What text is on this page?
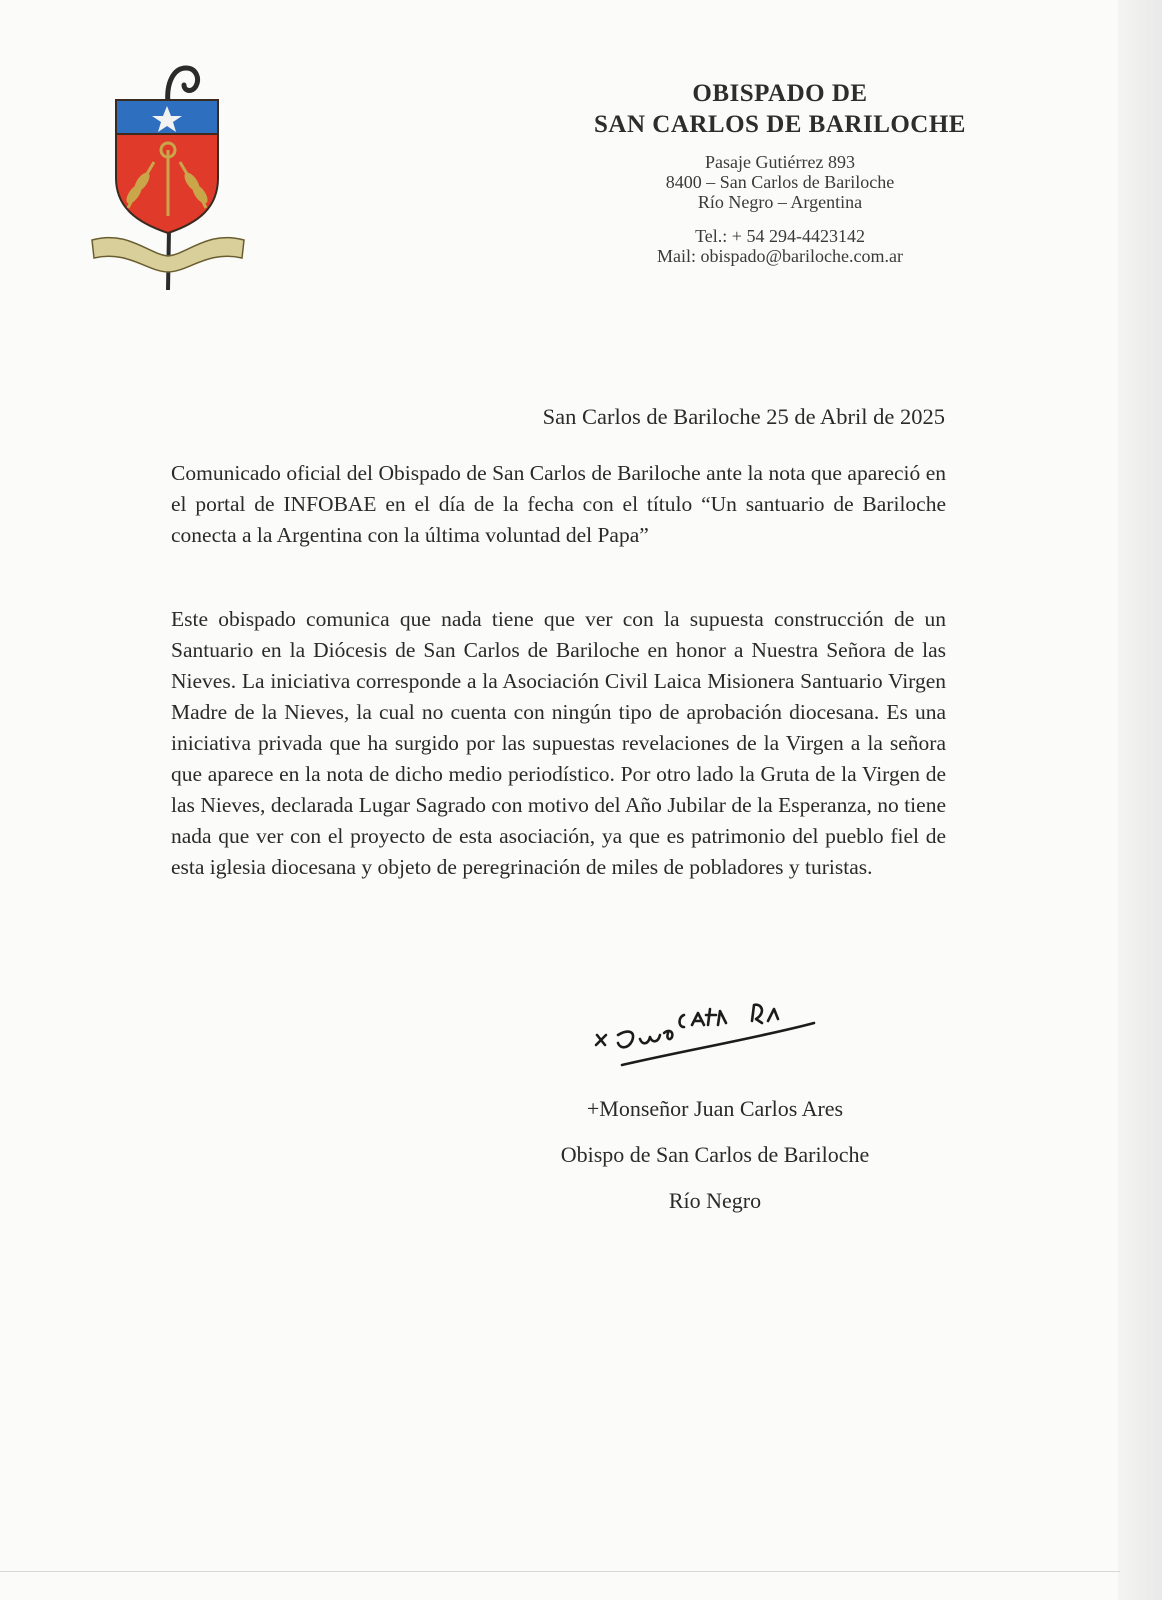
OBISPADO DE
SAN CARLOS DE BARILOCHE
Pasaje Gutiérrez 893
8400 – San Carlos de Bariloche
Río Negro – Argentina
Tel.: + 54 294-4423142
Mail: obispado@bariloche.com.ar
San Carlos de Bariloche 25 de Abril de 2025
Comunicado oficial del Obispado de San Carlos de Bariloche ante la nota que apareció en el portal de INFOBAE en el día de la fecha con el título “Un santuario de Bariloche conecta a la Argentina con la última voluntad del Papa”
Este obispado comunica que nada tiene que ver con la supuesta construcción de un Santuario en la Diócesis de San Carlos de Bariloche en honor a Nuestra Señora de las Nieves. La iniciativa corresponde a la Asociación Civil Laica Misionera Santuario Virgen Madre de la Nieves, la cual no cuenta con ningún tipo de aprobación diocesana. Es una iniciativa privada que ha surgido por las supuestas revelaciones de la Virgen a la señora que aparece en la nota de dicho medio periodístico. Por otro lado la Gruta de la Virgen de las Nieves, declarada Lugar Sagrado con motivo del Año Jubilar de la Esperanza, no tiene nada que ver con el proyecto de esta asociación, ya que es patrimonio del pueblo fiel de esta iglesia diocesana y objeto de peregrinación de miles de pobladores y turistas.
+Monseñor Juan Carlos Ares
Obispo de San Carlos de Bariloche
Río Negro
